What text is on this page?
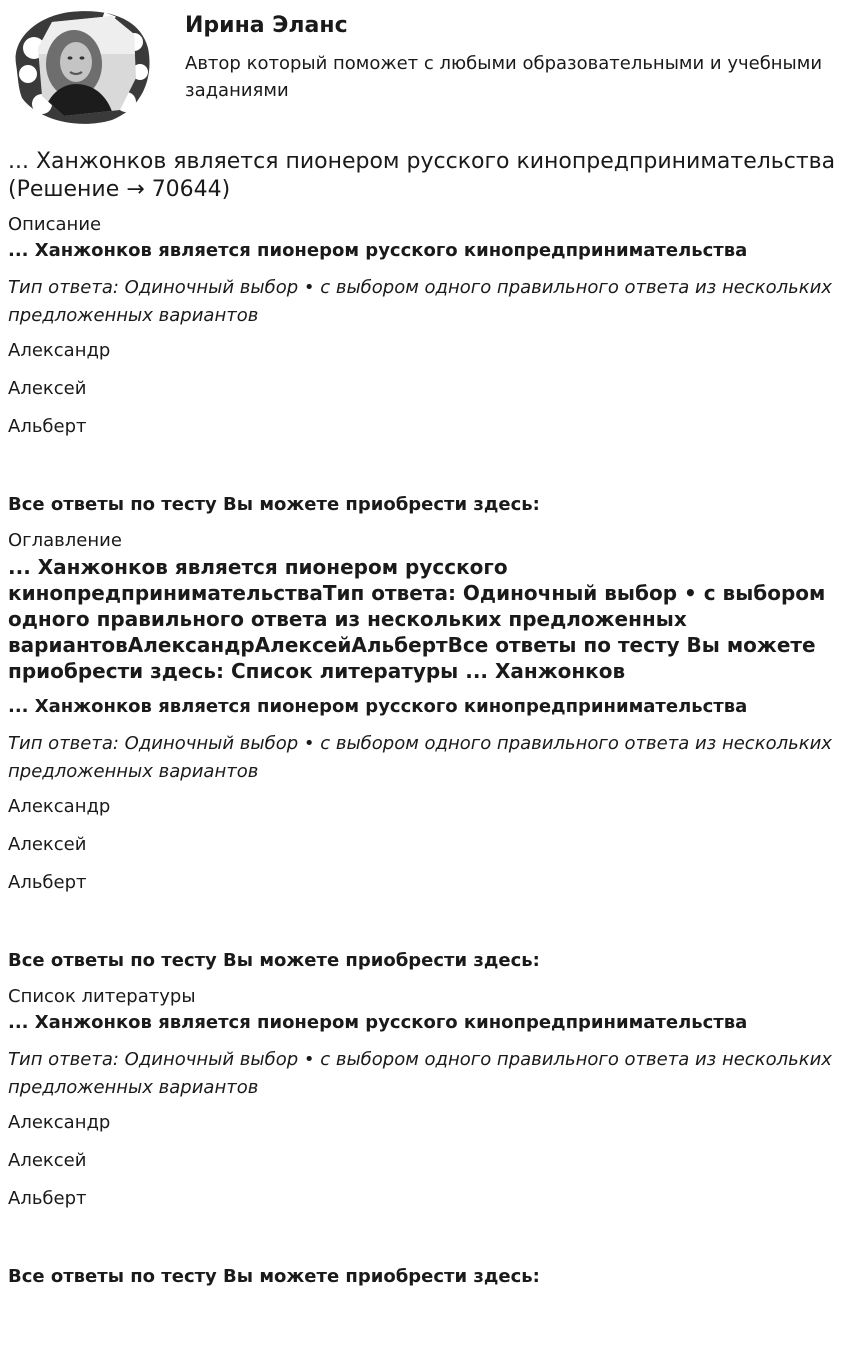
Ирина Эланс

Автор который поможет с любыми образовательными и учебными заданиями

... Ханжонков является пионером русского кинопредпринимательства (Решение → 70644)

Описание

... Ханжонков является пионером русского кинопредпринимательства

Тип ответа: Одиночный выбор • с выбором одного правильного ответа из нескольких предложенных вариантов

Александр

Алексей

Альберт

Все ответы по тесту Вы можете приобрести здесь:

Оглавление

... Ханжонков является пионером русского кинопредпринимательстваТип ответа: Одиночный выбор • с выбором одного правильного ответа из нескольких предложенных вариантовАлександрАлексейАльбертВсе ответы по тесту Вы можете приобрести здесь: Список литературы ... Ханжонков

... Ханжонков является пионером русского кинопредпринимательства

Тип ответа: Одиночный выбор • с выбором одного правильного ответа из нескольких предложенных вариантов

Александр

Алексей

Альберт

Все ответы по тесту Вы можете приобрести здесь:

Список литературы

... Ханжонков является пионером русского кинопредпринимательства

Тип ответа: Одиночный выбор • с выбором одного правильного ответа из нескольких предложенных вариантов

Александр

Алексей

Альберт

Все ответы по тесту Вы можете приобрести здесь:
